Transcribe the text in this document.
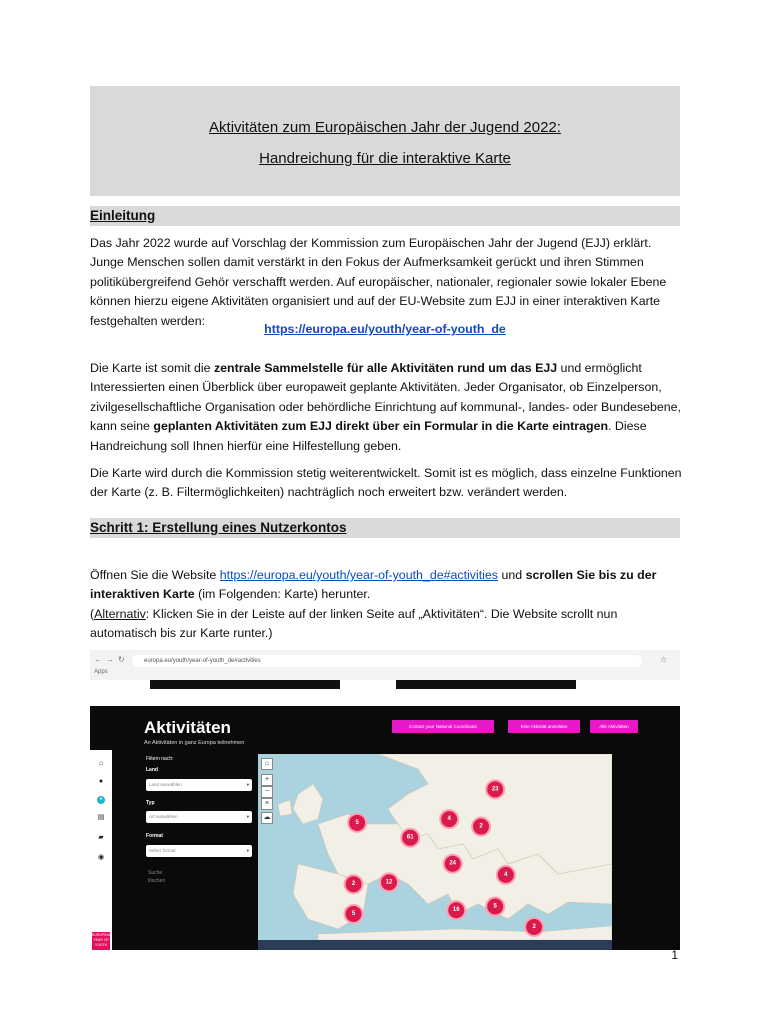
Aktivitäten zum Europäischen Jahr der Jugend 2022:
Handreichung für die interaktive Karte
Einleitung

Das Jahr 2022 wurde auf Vorschlag der Kommission zum Europäischen Jahr der Jugend (EJJ) erklärt. Junge Menschen sollen damit verstärkt in den Fokus der Aufmerksamkeit gerückt und ihren Stimmen politikübergreifend Gehör verschafft werden. Auf europäischer, nationaler, regionaler sowie lokaler Ebene können hierzu eigene Aktivitäten organisiert und auf der EU-Website zum EJJ in einer interaktiven Karte festgehalten werden:

https://europa.eu/youth/year-of-youth_de

Die Karte ist somit die zentrale Sammelstelle für alle Aktivitäten rund um das EJJ und ermöglicht Interessierten einen Überblick über europaweit geplante Aktivitäten. Jeder Organisator, ob Einzelperson, zivilgesellschaftliche Organisation oder behördliche Einrichtung auf kommunal-, landes- oder Bundesebene, kann seine geplanten Aktivitäten zum EJJ direkt über ein Formular in die Karte eintragen. Diese Handreichung soll Ihnen hierfür eine Hilfestellung geben.

Die Karte wird durch die Kommission stetig weiterentwickelt. Somit ist es möglich, dass einzelne Funktionen der Karte (z. B. Filtermöglichkeiten) nachträglich noch erweitert bzw. verändert werden.

Schritt 1: Erstellung eines Nutzerkontos

Öffnen Sie die Website https://europa.eu/youth/year-of-youth_de#activities und scrollen Sie bis zu der interaktiven Karte (im Folgenden: Karte) herunter.
(Alternativ: Klicken Sie in der Leiste auf der linken Seite auf „Aktivitäten“. Die Website scrollt nun automatisch bis zur Karte runter.)

← → ↻	europa.eu/youth/year-of-youth_de#activities
Apps
☆
Aktivitäten
An Aktivitäten in ganz Europa teilnehmen
Contact your National Coordinator	Eine Aktivität anmelden	Alle Aktivitäten
⌂
●
•
▤
▰
◉
EUROPEAN YEAR OF YOUTH
Filtern nach:
Land
Land auswählen ▾
Typ
Art auswählen ▾
Format
Select format ▾
Suche
löschen
23
5
4
2
61
24
4
2	12
5
16
5
2
⌂
+
−
×
☁
1
